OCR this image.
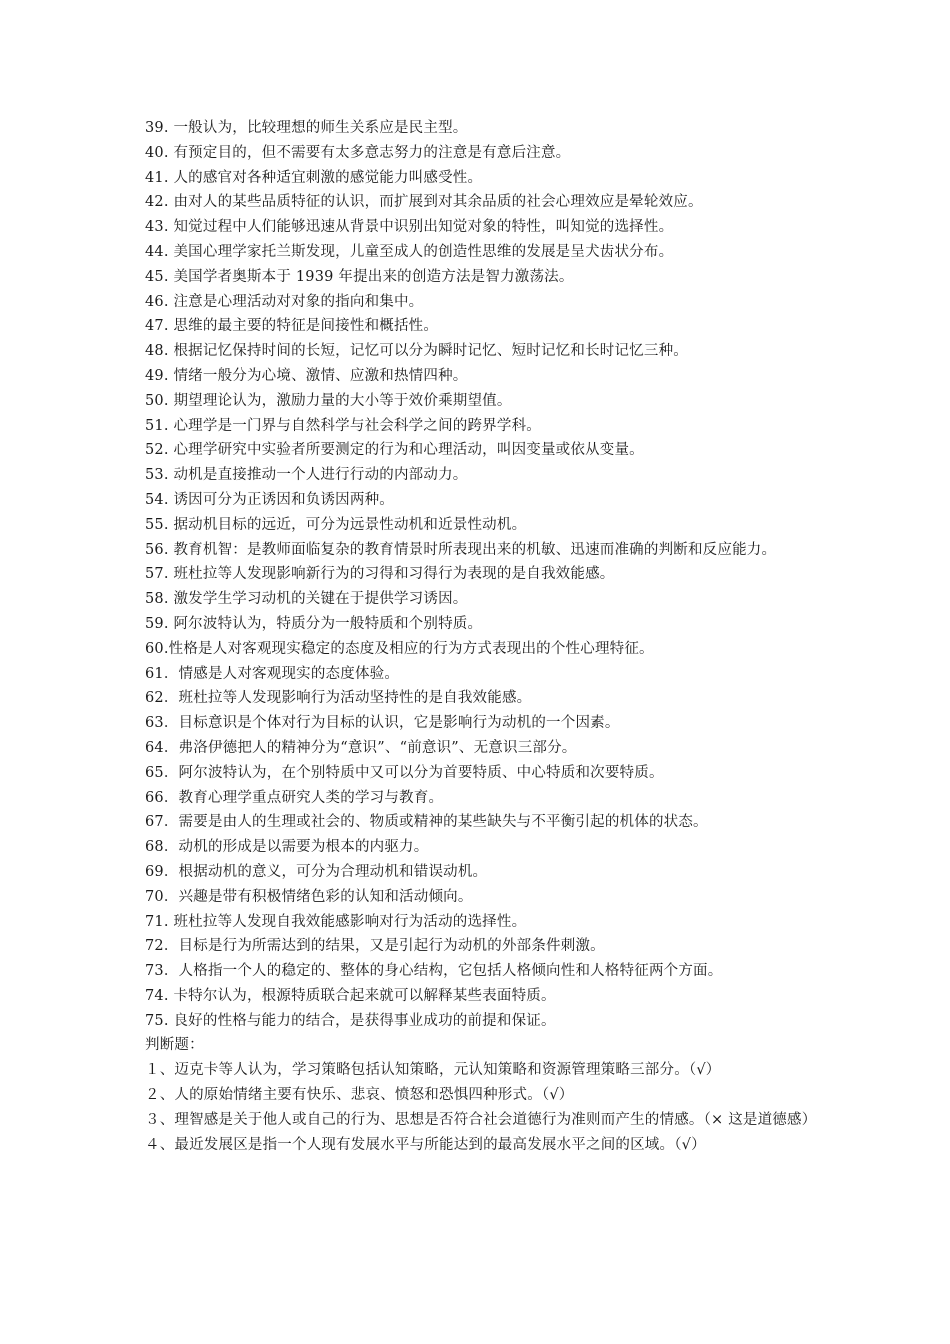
39. 一般认为，比较理想的师生关系应是民主型。
40. 有预定目的，但不需要有太多意志努力的注意是有意后注意。
41. 人的感官对各种适宜刺激的感觉能力叫感受性。
42. 由对人的某些品质特征的认识，而扩展到对其余品质的社会心理效应是晕轮效应。
43. 知觉过程中人们能够迅速从背景中识别出知觉对象的特性，叫知觉的选择性。
44. 美国心理学家托兰斯发现，儿童至成人的创造性思维的发展是呈犬齿状分布。
45. 美国学者奥斯本于 1939 年提出来的创造方法是智力激荡法。
46. 注意是心理活动对对象的指向和集中。
47. 思维的最主要的特征是间接性和概括性。
48. 根据记忆保持时间的长短，记忆可以分为瞬时记忆、短时记忆和长时记忆三种。
49. 情绪一般分为心境、激情、应激和热情四种。
50. 期望理论认为，激励力量的大小等于效价乘期望值。
51. 心理学是一门界与自然科学与社会科学之间的跨界学科。
52. 心理学研究中实验者所要测定的行为和心理活动，叫因变量或依从变量。
53. 动机是直接推动一个人进行行动的内部动力。
54. 诱因可分为正诱因和负诱因两种。
55. 据动机目标的远近，可分为远景性动机和近景性动机。
56. 教育机智：是教师面临复杂的教育情景时所表现出来的机敏、迅速而准确的判断和反应能力。
57. 班杜拉等人发现影响新行为的习得和习得行为表现的是自我效能感。
58. 激发学生学习动机的关键在于提供学习诱因。
59. 阿尔波特认为，特质分为一般特质和个别特质。
60.性格是人对客观现实稳定的态度及相应的行为方式表现出的个性心理特征。
61．情感是人对客观现实的态度体验。
62．班杜拉等人发现影响行为活动坚持性的是自我效能感。
63．目标意识是个体对行为目标的认识，它是影响行为动机的一个因素。
64．弗洛伊德把人的精神分为“意识”、“前意识”、无意识三部分。
65．阿尔波特认为，在个别特质中又可以分为首要特质、中心特质和次要特质。
66．教育心理学重点研究人类的学习与教育。
67．需要是由人的生理或社会的、物质或精神的某些缺失与不平衡引起的机体的状态。
68．动机的形成是以需要为根本的内驱力。
69．根据动机的意义，可分为合理动机和错误动机。
70．兴趣是带有积极情绪色彩的认知和活动倾向。
71. 班杜拉等人发现自我效能感影响对行为活动的选择性。
72．目标是行为所需达到的结果，又是引起行为动机的外部条件刺激。
73．人格指一个人的稳定的、整体的身心结构，它包括人格倾向性和人格特征两个方面。
74. 卡特尔认为，根源特质联合起来就可以解释某些表面特质。
75. 良好的性格与能力的结合，是获得事业成功的前提和保证。
判断题：
１、迈克卡等人认为，学习策略包括认知策略，元认知策略和资源管理策略三部分。（√）
２、人的原始情绪主要有快乐、悲哀、愤怒和恐惧四种形式。（√）
３、理智感是关于他人或自己的行为、思想是否符合社会道德行为准则而产生的情感。（× 这是道德感）
４、最近发展区是指一个人现有发展水平与所能达到的最高发展水平之间的区域。（√）
